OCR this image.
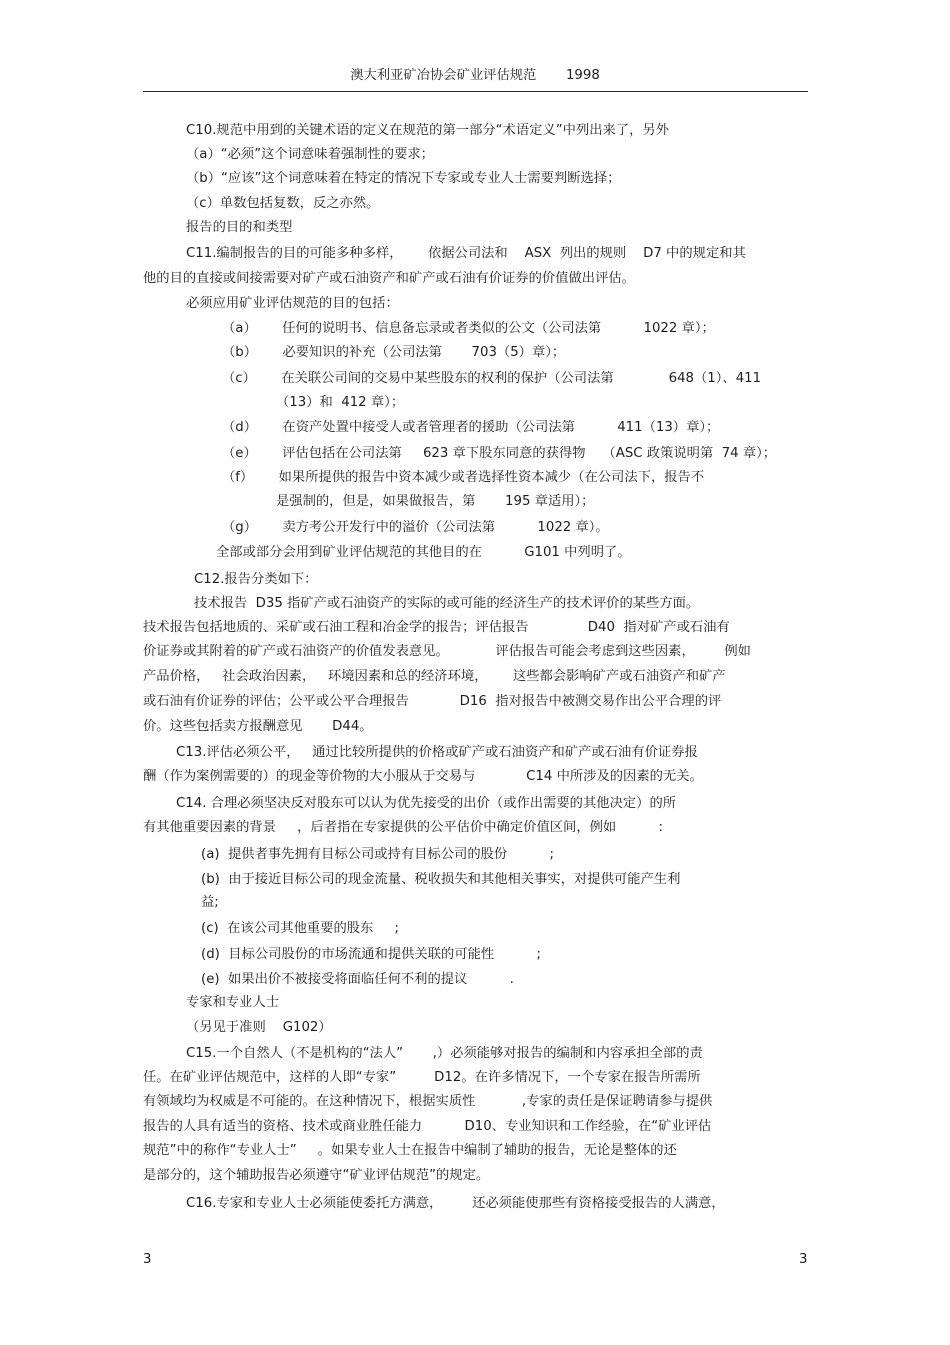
澳大利亚矿冶协会矿业评估规范       1998
C10.规范中用到的关键术语的定义在规范的第一部分“术语定义”中列出来了，另外
（a）“必须”这个词意味着强制性的要求；
（b）“应该”这个词意味着在特定的情况下专家或专业人士需要判断选择；
（c）单数包括复数，反之亦然。
报告的目的和类型
C11.编制报告的目的可能多种多样，      依据公司法和    ASX  列出的规则    D7 中的规定和其
他的目的直接或间接需要对矿产或石油资产和矿产或石油有价证券的价值做出评估。
必须应用矿业评估规范的目的包括：
（a）      任何的说明书、信息备忘录或者类似的公文（公司法第          1022 章）；
（b）      必要知识的补充（公司法第       703（5）章）；
（c）      在关联公司间的交易中某些股东的权利的保护（公司法第             648（1）、411
（13）和  412 章）；
（d）      在资产处置中接受人或者管理者的援助（公司法第          411（13）章）；
（e）      评估包括在公司法第     623 章下股东同意的获得物    （ASC 政策说明第  74 章）；
（f）      如果所提供的报告中资本减少或者选择性资本减少（在公司法下，报告不
是强制的，但是，如果做报告，第       195 章适用）；
（g）      卖方考公开发行中的溢价（公司法第          1022 章）。
全部或部分会用到矿业评估规范的其他目的在          G101 中列明了。
C12.报告分类如下：
技术报告  D35 指矿产或石油资产的实际的或可能的经济生产的技术评价的某些方面。
技术报告包括地质的、采矿或石油工程和冶金学的报告；评估报告              D40  指对矿产或石油有
价证券或其附着的矿产或石油资产的价值发表意见。           评估报告可能会考虑到这些因素，       例如
产品价格，   社会政治因素，   环境因素和总的经济环境，      这些都会影响矿产或石油资产和矿产
或石油有价证券的评估；公平或公平合理报告            D16  指对报告中被测交易作出公平合理的评
价。这些包括卖方报酬意见       D44。
C13.评估必须公平，   通过比较所提供的价格或矿产或石油资产和矿产或石油有价证券报
酬（作为案例需要的）的现金等价物的大小服从于交易与            C14 中所涉及的因素的无关。
C14. 合理必须坚决反对股东可以认为优先接受的出价（或作出需要的其他决定）的所
有其他重要因素的背景     ，后者指在专家提供的公平估价中确定价值区间，例如          :
(a)  提供者事先拥有目标公司或持有目标公司的股份          ;
(b)  由于接近目标公司的现金流量、税收损失和其他相关事实，对提供可能产生利
益;
(c)  在该公司其他重要的股东     ;
(d)  目标公司股份的市场流通和提供关联的可能性          ;
(e)  如果出价不被接受将面临任何不利的提议          .
专家和专业人士
（另见于准则    G102）
C15.一个自然人（不是机构的“法人”       ,）必须能够对报告的编制和内容承担全部的责
任。在矿业评估规范中，这样的人即“专家”         D12。在许多情况下，一个专家在报告所需所
有领域均为权威是不可能的。在这种情况下，根据实质性           ,专家的责任是保证聘请参与提供
报告的人具有适当的资格、技术或商业胜任能力          D10、专业知识和工作经验，在“矿业评估
规范”中的称作“专业人士”     。如果专业人士在报告中编制了辅助的报告，无论是整体的还
是部分的，这个辅助报告必须遵守“矿业评估规范”的规定。
C16.专家和专业人士必须能使委托方满意，       还必须能使那些有资格接受报告的人满意，
3	3
